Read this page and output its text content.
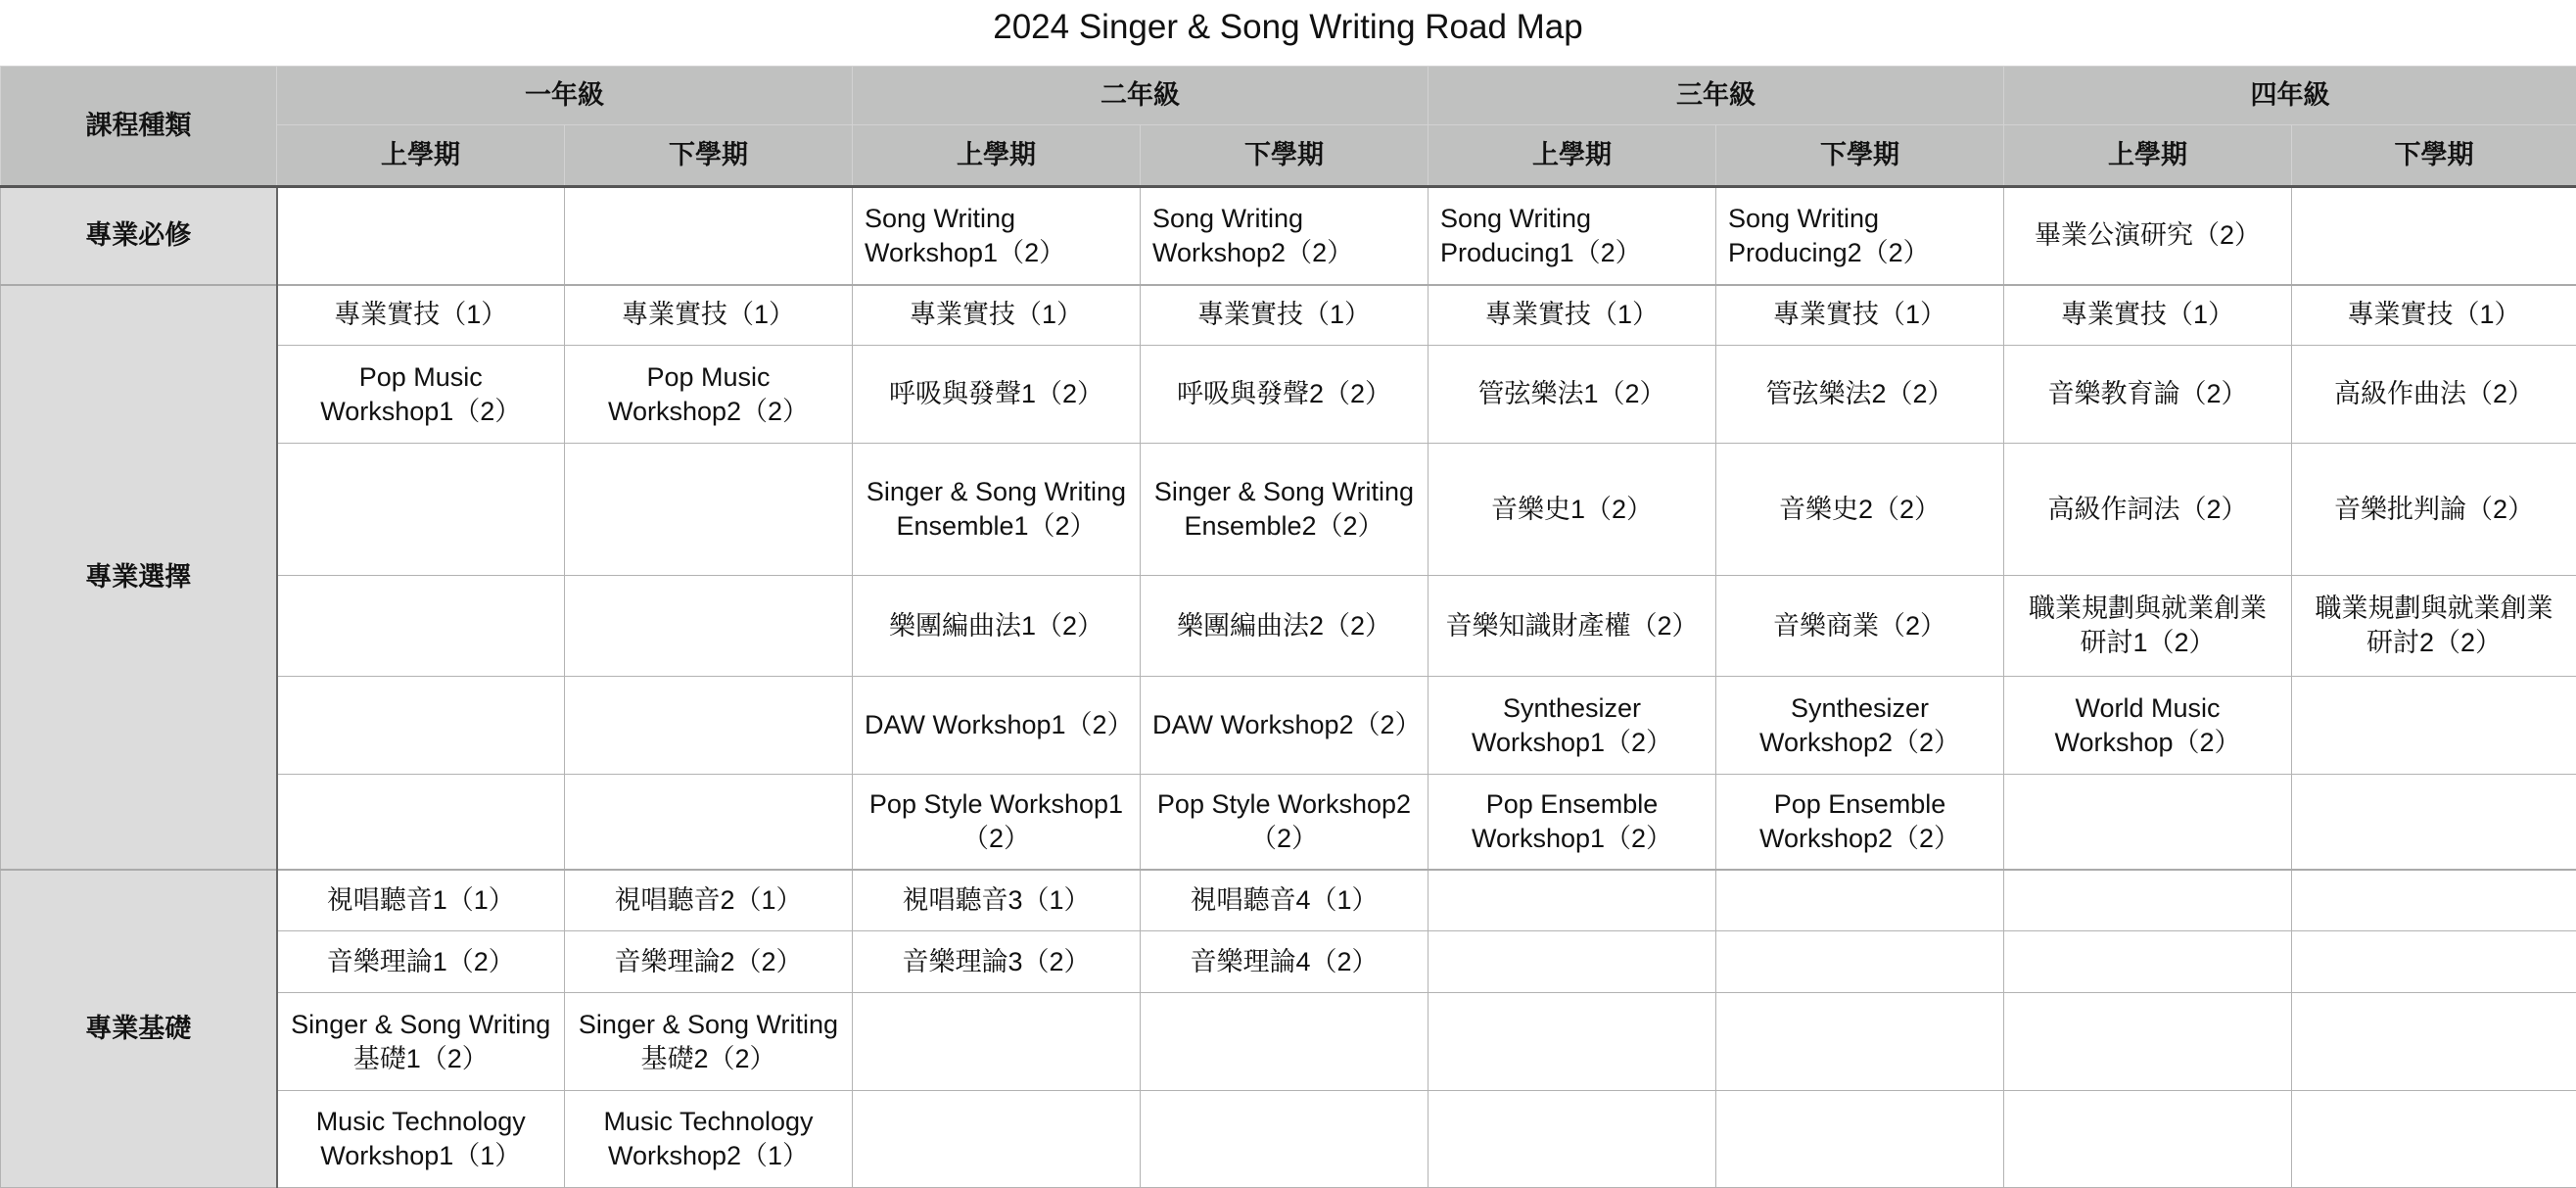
2024 Singer & Song Writing Road Map
課程種類	一年級		二年級		三年級		四年級	
	上學期	下學期	上學期	下學期	上學期	下學期	上學期	下學期
專業必修			Song Writing Workshop1（2）	Song Writing Workshop2（2）	Song Writing Producing1（2）	Song Writing Producing2（2）	畢業公演研究（2）	
專業選擇	專業實技（1）	專業實技（1）	專業實技（1）	專業實技（1）	專業實技（1）	專業實技（1）	專業實技（1）	專業實技（1）
	Pop Music Workshop1（2）	Pop Music Workshop2（2）	呼吸與發聲1（2）	呼吸與發聲2（2）	管弦樂法1（2）	管弦樂法2（2）	音樂教育論（2）	高級作曲法（2）
			Singer & Song Writing Ensemble1（2）	Singer & Song Writing Ensemble2（2）	音樂史1（2）	音樂史2（2）	高級作詞法（2）	音樂批判論（2）
			樂團編曲法1（2）	樂團編曲法2（2）	音樂知識財產權（2）	音樂商業（2）	職業規劃與就業創業研討1（2）	職業規劃與就業創業研討2（2）
			DAW Workshop1（2）	DAW Workshop2（2）	Synthesizer Workshop1（2）	Synthesizer Workshop2（2）	World Music Workshop（2）	
			Pop Style Workshop1（2）	Pop Style Workshop2（2）	Pop Ensemble Workshop1（2）	Pop Ensemble Workshop2（2）		
專業基礎	視唱聽音1（1）	視唱聽音2（1）	視唱聽音3（1）	視唱聽音4（1）				
	音樂理論1（2）	音樂理論2（2）	音樂理論3（2）	音樂理論4（2）				
	Singer & Song Writing 基礎1（2）	Singer & Song Writing 基礎2（2）						
	Music Technology Workshop1（1）	Music Technology Workshop2（1）						
